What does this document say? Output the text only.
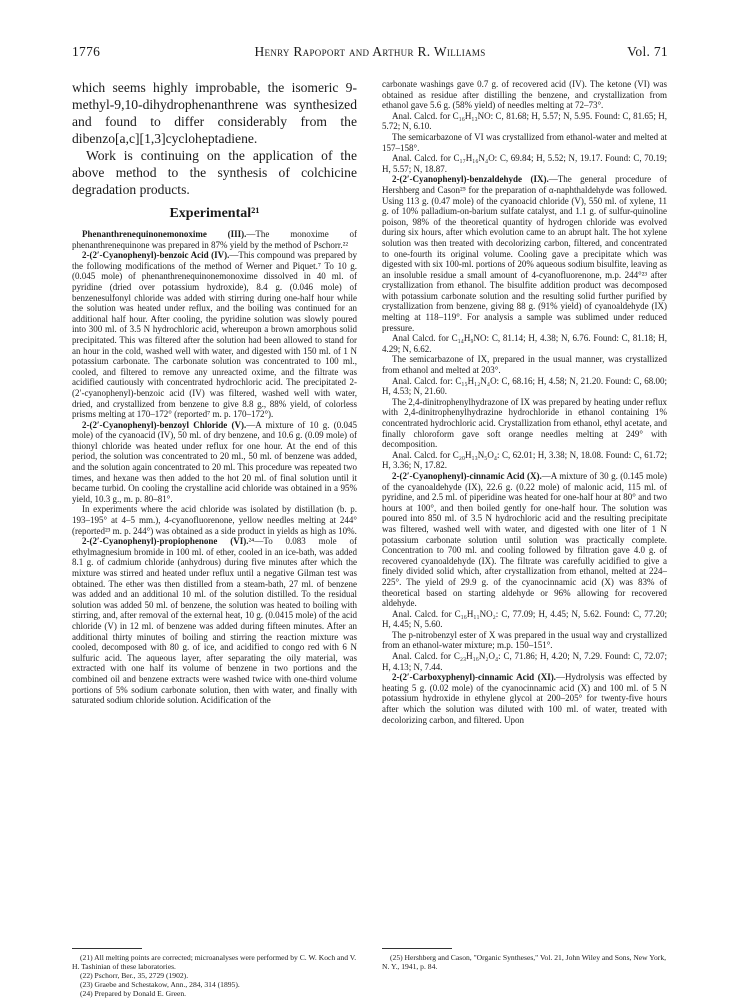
1776	Henry Rapoport and Arthur R. Williams	Vol. 71

which seems highly improbable, the isomeric 9-methyl-9,10-dihydrophenanthrene was synthesized and found to differ considerably from the dibenzo[a,c][1,3]cycloheptadiene.

Work is continuing on the application of the above method to the synthesis of colchicine degradation products.

Experimental²¹

Phenanthrenequinonemonoxime (III).—The monoxime of phenanthrenequinone was prepared in 87% yield by the method of Pschorr.²²

2-(2′-Cyanophenyl)-benzoic Acid (IV).—This compound was prepared by the following modifications of the method of Werner and Piquet.⁷ To 10 g. (0.045 mole) of phenanthrenequinonemonoxime dissolved in 40 ml. of pyridine (dried over potassium hydroxide), 8.4 g. (0.046 mole) of benzenesulfonyl chloride was added with stirring during one-half hour while the solution was heated under reflux, and the boiling was continued for an additional half hour. After cooling, the pyridine solution was slowly poured into 300 ml. of 3.5 N hydrochloric acid, whereupon a brown amorphous solid precipitated. This was filtered after the solution had been allowed to stand for an hour in the cold, washed well with water, and digested with 150 ml. of 1 N potassium carbonate. The carbonate solution was concentrated to 100 ml., cooled, and filtered to remove any unreacted oxime, and the filtrate was acidified cautiously with concentrated hydrochloric acid. The precipitated 2-(2′-cyanophenyl)-benzoic acid (IV) was filtered, washed well with water, dried, and crystallized from benzene to give 8.8 g., 88% yield, of colorless prisms melting at 170–172° (reported⁷ m. p. 170–172°).

2-(2′-Cyanophenyl)-benzoyl Chloride (V).—A mixture of 10 g. (0.045 mole) of the cyanoacid (IV), 50 ml. of dry benzene, and 10.6 g. (0.09 mole) of thionyl chloride was heated under reflux for one hour. At the end of this period, the solution was concentrated to 20 ml., 50 ml. of benzene was added, and the solution again concentrated to 20 ml. This procedure was repeated two times, and hexane was then added to the hot 20 ml. of final solution until it became turbid. On cooling the crystalline acid chloride was obtained in a 95% yield, 10.3 g., m. p. 80–81°.

In experiments where the acid chloride was isolated by distillation (b. p. 193–195° at 4–5 mm.), 4-cyanofluorenone, yellow needles melting at 244° (reported²³ m. p. 244°) was obtained as a side product in yields as high as 10%.

2-(2′-Cyanophenyl)-propiophenone (VI).²⁴—To 0.083 mole of ethylmagnesium bromide in 100 ml. of ether, cooled in an ice-bath, was added 8.1 g. of cadmium chloride (anhydrous) during five minutes after which the mixture was stirred and heated under reflux until a negative Gilman test was obtained. The ether was then distilled from a steam-bath, 27 ml. of benzene was added and an additional 10 ml. of the solution distilled. To the residual solution was added 50 ml. of benzene, the solution was heated to boiling with stirring, and, after removal of the external heat, 10 g. (0.0415 mole) of the acid chloride (V) in 12 ml. of benzene was added during fifteen minutes. After an additional thirty minutes of boiling and stirring the reaction mixture was cooled, decomposed with 80 g. of ice, and acidified to congo red with 6 N sulfuric acid. The aqueous layer, after separating the oily material, was extracted with one half its volume of benzene in two portions and the combined oil and benzene extracts were washed twice with one-third volume portions of 5% sodium carbonate solution, then with water, and finally with saturated sodium chloride solution. Acidification of the

carbonate washings gave 0.7 g. of recovered acid (IV). The ketone (VI) was obtained as residue after distilling the benzene, and crystallization from ethanol gave 5.6 g. (58% yield) of needles melting at 72–73°.

Anal. Calcd. for C₁₆H₁₃NO: C, 81.68; H, 5.57; N, 5.95. Found: C, 81.65; H, 5.72; N, 6.10.

The semicarbazone of VI was crystallized from ethanol-water and melted at 157–158°.

Anal. Calcd. for C₁₇H₁₆N₄O: C, 69.84; H, 5.52; N, 19.17. Found: C, 70.19; H, 5.57; N, 18.87.

2-(2′-Cyanophenyl)-benzaldehyde (IX).—The general procedure of Hershberg and Cason²⁵ for the preparation of α-naphthaldehyde was followed. Using 113 g. (0.47 mole) of the cyanoacid chloride (V), 550 ml. of xylene, 11 g. of 10% palladium-on-barium sulfate catalyst, and 1.1 g. of sulfur-quinoline poison, 98% of the theoretical quantity of hydrogen chloride was evolved during six hours, after which evolution came to an abrupt halt. The hot xylene solution was then treated with decolorizing carbon, filtered, and concentrated to one-fourth its original volume. Cooling gave a precipitate which was digested with six 100-ml. portions of 20% aqueous sodium bisulfite, leaving as an insoluble residue a small amount of 4-cyanofluorenone, m.p. 244°²³ after crystallization from ethanol. The bisulfite addition product was decomposed with potassium carbonate solution and the resulting solid further purified by crystallization from benzene, giving 88 g. (91% yield) of cyanoaldehyde (IX) melting at 118–119°. For analysis a sample was sublimed under reduced pressure.

Anal Calcd. for C₁₄H₉NO: C, 81.14; H, 4.38; N, 6.76. Found: C, 81.18; H, 4.29; N, 6.62.

The semicarbazone of IX, prepared in the usual manner, was crystallized from ethanol and melted at 203°.

Anal. Calcd. for: C₁₅H₁₂N₄O: C, 68.16; H, 4.58; N, 21.20. Found: C, 68.00; H, 4.53; N, 21.60.

The 2,4-dinitrophenylhydrazone of IX was prepared by heating under reflux with 2,4-dinitrophenylhydrazine hydrochloride in ethanol containing 1% concentrated hydrochloric acid. Crystallization from ethanol, ethyl acetate, and finally chloroform gave soft orange needles melting at 249° with decomposition.

Anal. Calcd. for C₂₀H₁₃N₅O₄: C, 62.01; H, 3.38; N, 18.08. Found: C, 61.72; H, 3.36; N, 17.82.

2-(2′-Cyanophenyl)-cinnamic Acid (X).—A mixture of 30 g. (0.145 mole) of the cyanoaldehyde (IX), 22.6 g. (0.22 mole) of malonic acid, 115 ml. of pyridine, and 2.5 ml. of piperidine was heated for one-half hour at 80° and two hours at 100°, and then boiled gently for one-half hour. The solution was poured into 850 ml. of 3.5 N hydrochloric acid and the resulting precipitate was filtered, washed well with water, and digested with one liter of 1 N potassium carbonate solution until solution was practically complete. Concentration to 700 ml. and cooling followed by filtration gave 4.0 g. of recovered cyanoaldehyde (IX). The filtrate was carefully acidified to give a finely divided solid which, after crystallization from ethanol, melted at 224–225°. The yield of 29.9 g. of the cyanocinnamic acid (X) was 83% of theoretical based on starting aldehyde or 96% allowing for recovered aldehyde.

Anal. Calcd. for C₁₆H₁₁NO₂: C, 77.09; H, 4.45; N, 5.62. Found: C, 77.20; H, 4.45; N, 5.60.

The p-nitrobenzyl ester of X was prepared in the usual way and crystallized from an ethanol-water mixture; m.p. 150–151°.

Anal. Calcd. for C₂₃H₁₆N₂O₄: C, 71.86; H, 4.20; N, 7.29. Found: C, 72.07; H, 4.13; N, 7.44.

2-(2′-Carboxyphenyl)-cinnamic Acid (XI).—Hydrolysis was effected by heating 5 g. (0.02 mole) of the cyanocinnamic acid (X) and 100 ml. of 5 N potassium hydroxide in ethylene glycol at 200–205° for twenty-five hours after which the solution was diluted with 100 ml. of water, treated with decolorizing carbon, and filtered. Upon

(21) All melting points are corrected; microanalyses were performed by C. W. Koch and V. H. Tashinian of these laboratories.
(22) Pschorr, Ber., 35, 2729 (1902).
(23) Graebe and Schestakow, Ann., 284, 314 (1895).
(24) Prepared by Donald E. Green.
(25) Hershberg and Cason, "Organic Syntheses," Vol. 21, John Wiley and Sons, New York, N. Y., 1941, p. 84.
